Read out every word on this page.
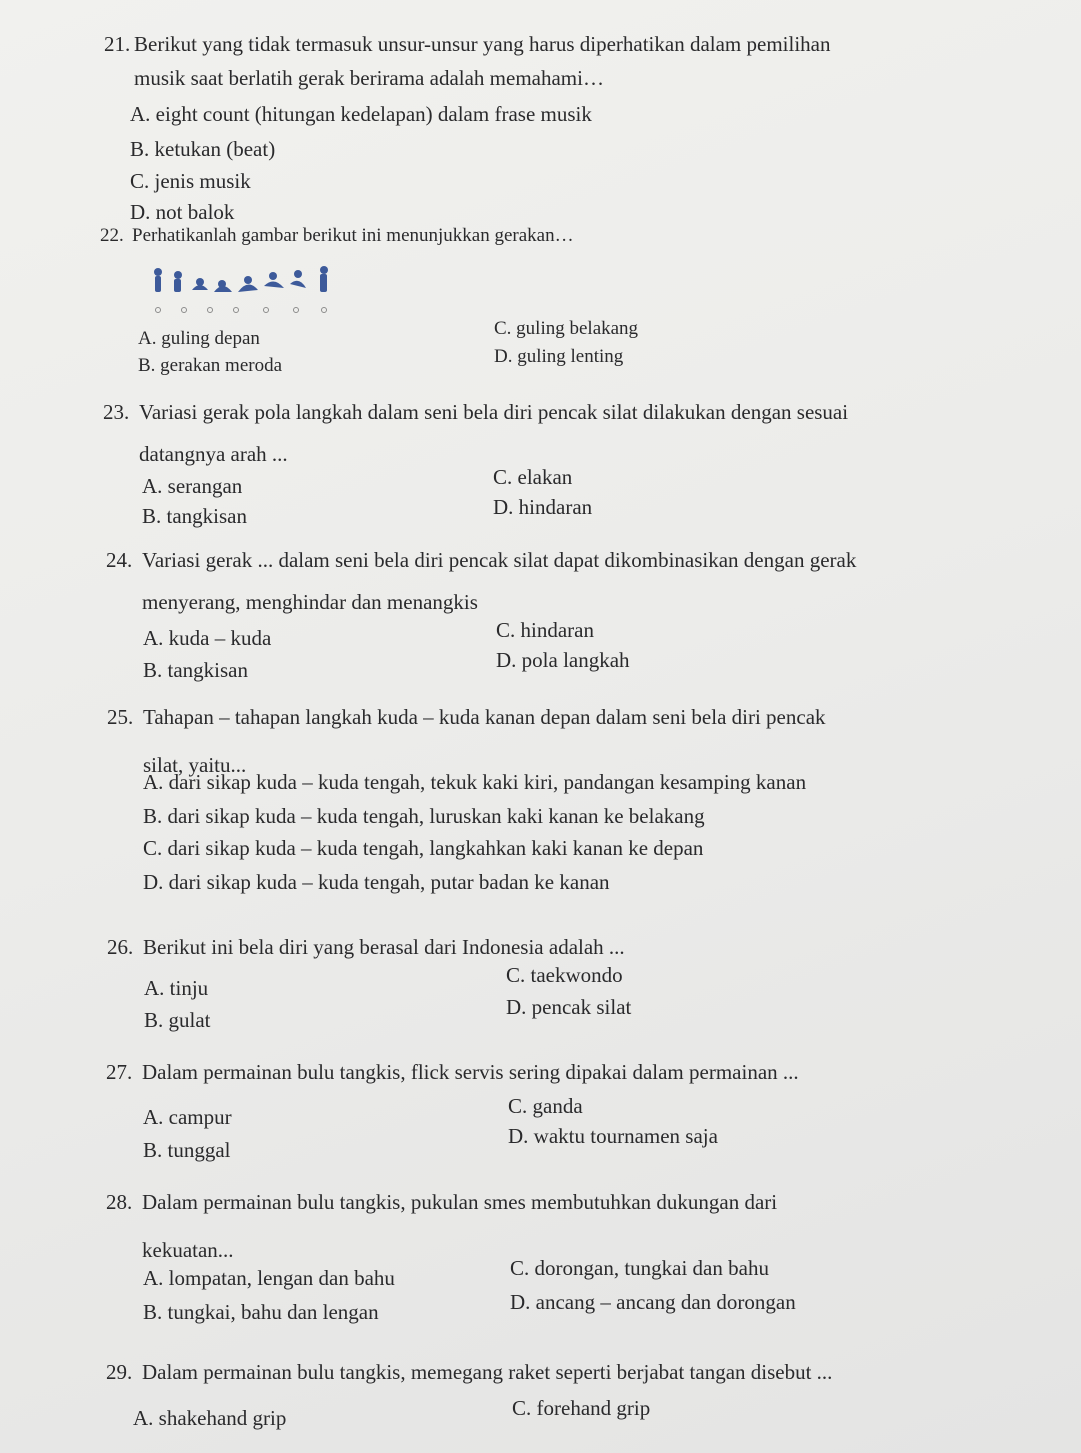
21. Berikut yang tidak termasuk unsur-unsur yang harus diperhatikan dalam pemilihan
musik saat berlatih gerak berirama adalah memahami…
A. eight count (hitungan kedelapan) dalam frase musik
B. ketukan (beat)
C. jenis musik
D. not balok
22. Perhatikanlah gambar berikut ini menunjukkan gerakan…
A. guling depan
B. gerakan meroda
C. guling belakang
D. guling lenting
23. Variasi gerak pola langkah dalam seni bela diri pencak silat dilakukan dengan sesuai
datangnya arah ...
A. serangan
B. tangkisan
C. elakan
D. hindaran
24. Variasi gerak ... dalam seni bela diri pencak silat dapat dikombinasikan dengan gerak
menyerang, menghindar dan menangkis
A. kuda – kuda
B. tangkisan
C. hindaran
D. pola langkah
25. Tahapan – tahapan langkah kuda – kuda kanan depan dalam seni bela diri pencak
silat, yaitu...
A. dari sikap kuda – kuda tengah, tekuk kaki kiri, pandangan kesamping kanan
B. dari sikap kuda – kuda tengah, luruskan kaki kanan ke belakang
C. dari sikap kuda – kuda tengah, langkahkan kaki kanan ke depan
D. dari sikap kuda – kuda tengah, putar badan ke kanan
26. Berikut ini bela diri yang berasal dari Indonesia adalah ...
A. tinju
B. gulat
C. taekwondo
D. pencak silat
27. Dalam permainan bulu tangkis, flick servis sering dipakai dalam permainan ...
A. campur
B. tunggal
C. ganda
D. waktu tournamen saja
28. Dalam permainan bulu tangkis, pukulan smes membutuhkan dukungan dari
kekuatan...
A. lompatan, lengan dan bahu
B. tungkai, bahu dan lengan
C. dorongan, tungkai dan bahu
D. ancang – ancang dan dorongan
29. Dalam permainan bulu tangkis, memegang raket seperti berjabat tangan disebut ...
A. shakehand grip	C. forehand grip
